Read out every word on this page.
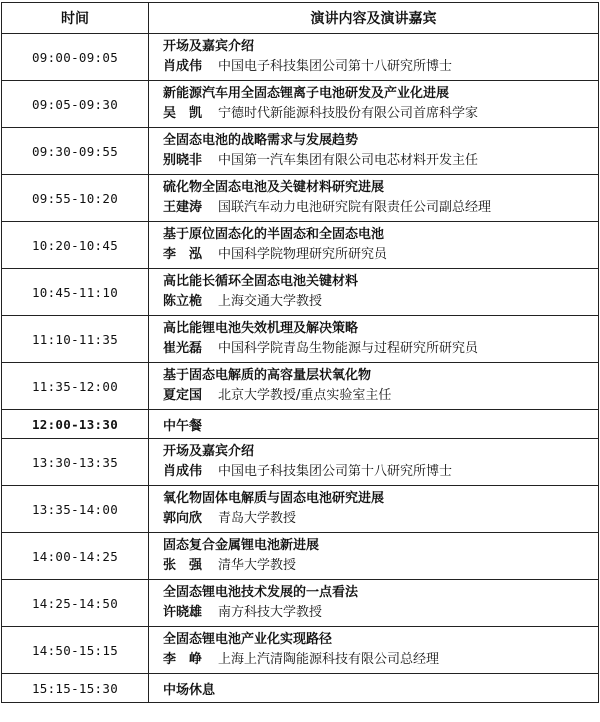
时间	演讲内容及演讲嘉宾
09:00-09:05	开场及嘉宾介绍
肖成伟 中国电子科技集团公司第十八研究所博士

09:05-09:30	新能源汽车用全固态锂离子电池研发及产业化进展
吴　凯 宁德时代新能源科技股份有限公司首席科学家

09:30-09:55	全固态电池的战略需求与发展趋势
别晓非 中国第一汽车集团有限公司电芯材料开发主任

09:55-10:20	硫化物全固态电池及关键材料研究进展
王建涛 国联汽车动力电池研究院有限责任公司副总经理

10:20-10:45	基于原位固态化的半固态和全固态电池
李　泓 中国科学院物理研究所研究员

10:45-11:10	高比能长循环全固态电池关键材料
陈立桅 上海交通大学教授

11:10-11:35	高比能锂电池失效机理及解决策略
崔光磊 中国科学院青岛生物能源与过程研究所研究员

11:35-12:00	基于固态电解质的高容量层状氧化物
夏定国 北京大学教授/重点实验室主任

12:00-13:30	中午餐
13:30-13:35	开场及嘉宾介绍
肖成伟 中国电子科技集团公司第十八研究所博士

13:35-14:00	氧化物固体电解质与固态电池研究进展
郭向欣 青岛大学教授

14:00-14:25	固态复合金属锂电池新进展
张　强 清华大学教授

14:25-14:50	全固态锂电池技术发展的一点看法
许晓雄 南方科技大学教授

14:50-15:15	全固态锂电池产业化实现路径
李　峥 上海上汽清陶能源科技有限公司总经理

15:15-15:30	中场休息
